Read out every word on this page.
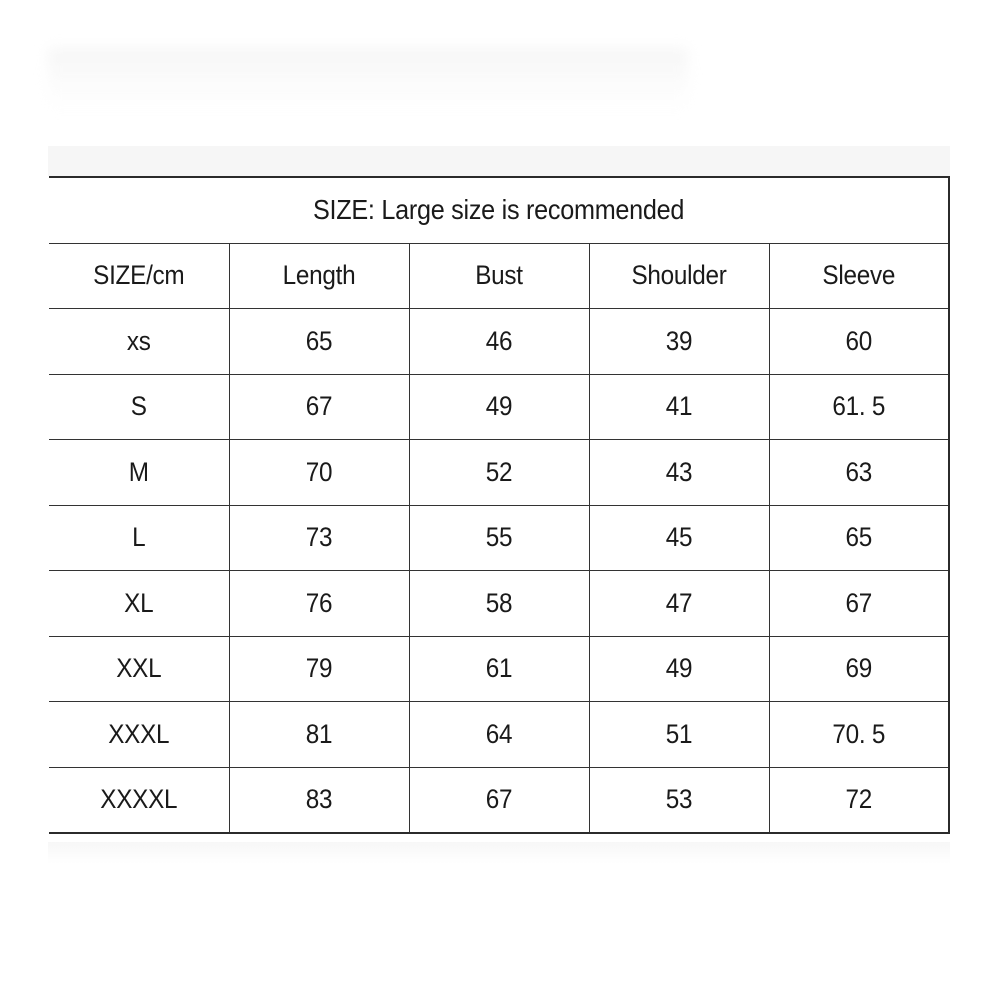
SIZE: Large size is recommended				
SIZE/cm	Length	Bust	Shoulder	Sleeve
xs	65	46	39	60
S	67	49	41	61. 5
M	70	52	43	63
L	73	55	45	65
XL	76	58	47	67
XXL	79	61	49	69
XXXL	81	64	51	70. 5
XXXXL	83	67	53	72
